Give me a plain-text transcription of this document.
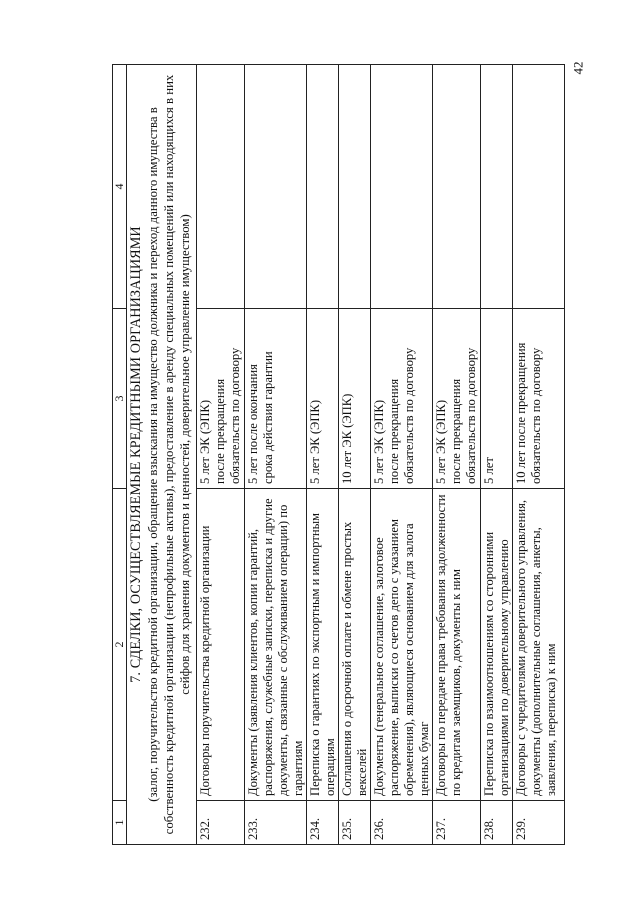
42
1	2	3	4

7. СДЕЛКИ, ОСУЩЕСТВЛЯЕМЫЕ КРЕДИТНЫМИ ОРГАНИЗАЦИЯМИ (залог, поручительство кредитной организации, обращение взыскания на имущество должника и переход данного имущества в собственность кредитной организации (непрофильные активы), предоставление в аренду специальных помещений или находящихся в них сейфов для хранения документов и ценностей, доверительное управление имуществом)			

232.	Договоры поручительства кредитной организации	5 лет ЭК (ЭПК) после прекращения обязательств по договору	

233.	Документы (заявления клиентов, копии гарантий, распоряжения, служебные записки, переписка и другие документы, связанные с обслуживанием операции) по гарантиям	5 лет после окончания срока действия гарантии	

234.	Переписка о гарантиях по экспортным и импортным операциям	5 лет ЭК (ЭПК)	

235.	Соглашения о досрочной оплате и обмене простых векселей	10 лет ЭК (ЭПК)	

236.	Документы (генеральное соглашение, залоговое распоряжение, выписки со счетов депо с указанием обременения), являющиеся основанием для залога ценных бумаг	5 лет ЭК (ЭПК) после прекращения обязательств по договору	

237.	Договоры по передаче права требования задолженности по кредитам заемщиков, документы к ним	5 лет ЭК (ЭПК) после прекращения обязательств по договору	

238.	Переписка по взаимоотношениям со сторонними организациями по доверительному управлению	5 лет	

239.	Договоры с учредителями доверительного управления, документы (дополнительные соглашения, анкеты, заявления, переписка) к ним	10 лет после прекращения обязательств по договору	
